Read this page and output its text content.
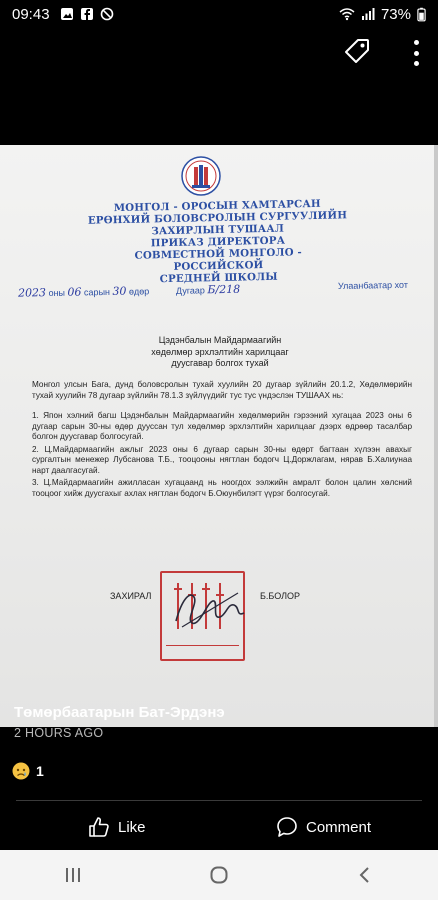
09:43	73%
МОНГОЛ - ОРОСЫН ХАМТАРСАН
ЕРӨНХИЙ БОЛОВСРОЛЫН СУРГУУЛИЙН
ЗАХИРЛЫН ТУШААЛ
ПРИКАЗ ДИРЕКТОРА
СОВМЕСТНОЙ МОНГОЛО - РОССИЙСКОЙ
СРЕДНЕЙ ШКОЛЫ
2023 оны 06 сарын 30 өдөр	Дугаар Б/218	Улаанбаатар хот
Цэдэнбалын Майдармаагийн
хөдөлмөр эрхлэлтийн харилцааг
дуусгавар болгох тухай

Монгол улсын Бага, дунд боловсролын тухай хуулийн 20 дугаар зүйлийн 20.1.2, Хөдөлмөрийн тухай хуулийн 78 дугаар зүйлийн 78.1.3 зүйлүүдийг тус тус үндэслэн ТУШААХ нь:

1. Япон хэлний багш Цэдэнбалын Майдармаагийн хөдөлмөрийн гэрээний хугацаа 2023 оны 6 дугаар сарын 30-ны өдөр дууссан тул хөдөлмөр эрхлэлтийн харилцааг дээрх өдрөөр тасалбар болгон дуусгавар болгосугай.

2. Ц.Майдармаагийн ажлыг 2023 оны 6 дугаар сарын 30-ны өдөрт багтаан хүлээн авахыг сургалтын менежер Лубсанова Т.Б., тооцооны нягтлан бодогч Ц.Доржлагам, нярав Б.Халиунаа нарт даалгасугай.

3. Ц.Майдармаагийн ажилласан хугацаанд нь ноогдох ээлжийн амралт болон цалин хөлсний тооцоог хийж дуусгахыг ахлах нягтлан бодогч Б.Оюунбилэгт үүрэг болгосугай.

ЗАХИРАЛ	Б.БОЛОР
Төмөрбаатарын Бат-Эрдэнэ
2 HOURS AGO
1
Like	Comment
